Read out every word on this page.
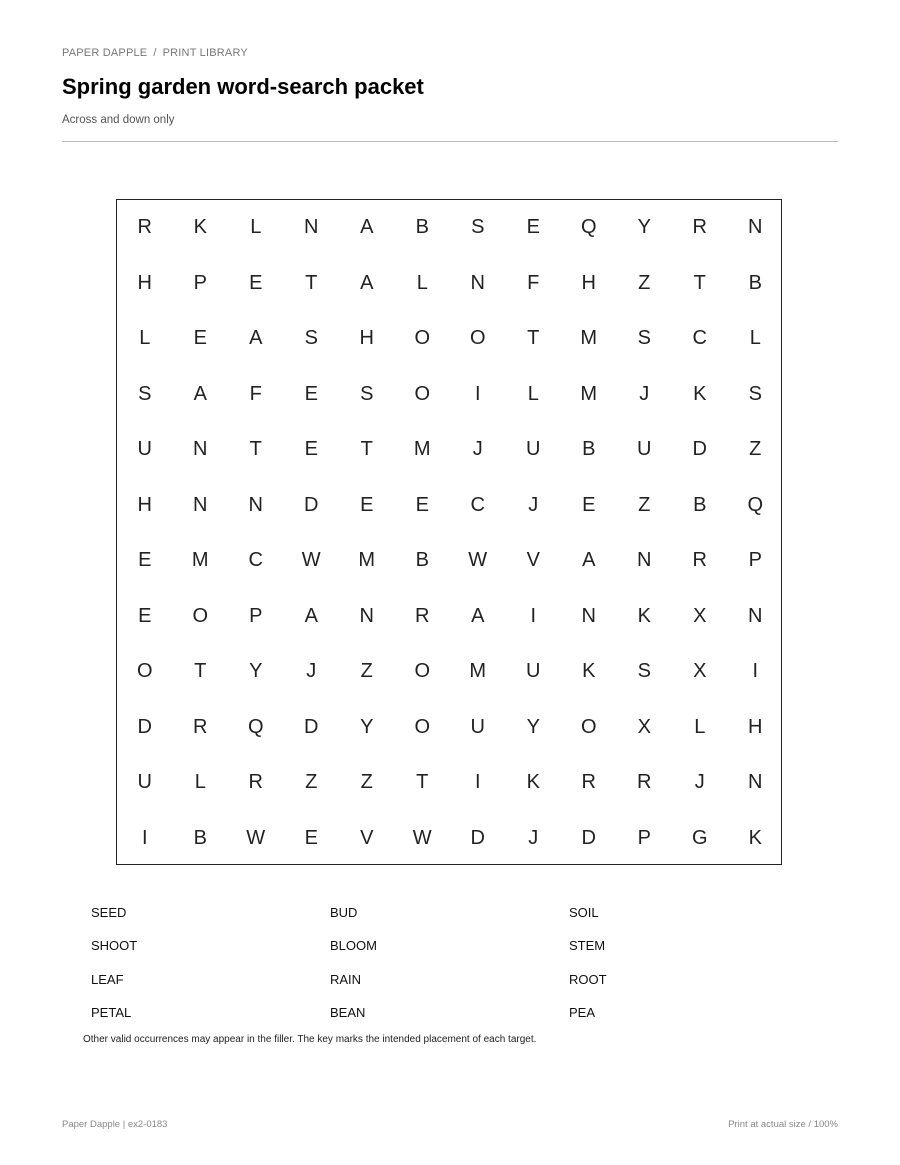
PAPER DAPPLE / PRINT LIBRARY
Spring garden word-search packet
Across and down only
R	K	L	N	A	B	S	E	Q	Y	R	N
H	P	E	T	A	L	N	F	H	Z	T	B
L	E	A	S	H	O	O	T	M	S	C	L
S	A	F	E	S	O	I	L	M	J	K	S
U	N	T	E	T	M	J	U	B	U	D	Z
H	N	N	D	E	E	C	J	E	Z	B	Q
E	M	C	W	M	B	W	V	A	N	R	P
E	O	P	A	N	R	A	I	N	K	X	N
O	T	Y	J	Z	O	M	U	K	S	X	I
D	R	Q	D	Y	O	U	Y	O	X	L	H
U	L	R	Z	Z	T	I	K	R	R	J	N
I	B	W	E	V	W	D	J	D	P	G	K
SEED	BUD	SOIL
SHOOT	BLOOM	STEM
LEAF	RAIN	ROOT
PETAL	BEAN	PEA
Other valid occurrences may appear in the filler. The key marks the intended placement of each target.
Paper Dapple | ex2-0183	Print at actual size / 100%
